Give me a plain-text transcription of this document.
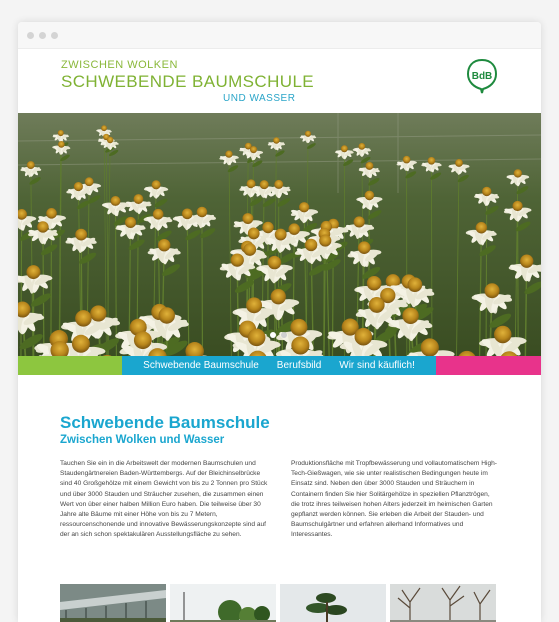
ZWISCHEN WOLKEN
SCHWEBENDE BAUMSCHULE
UND WASSER
BdB
Schwebende Baumschule	Berufsbild	Wir sind käuflich!
Schwebende Baumschule
Zwischen Wolken und Wasser
Tauchen Sie ein in die Arbeitswelt der modernen Baumschulen und Staudengärtnereien Baden-Württembergs. Auf der Bleichinselbrücke sind 40 Großgehölze mit einem Gewicht von bis zu 2 Tonnen pro Stück und über 3000 Stauden und Sträucher zusehen, die zusammen einen Wert von über einer halben Million Euro haben. Die teilweise über 30 Jahre alte Bäume mit einer Höhe von bis zu 7 Metern, ressourcenschonende und innovative Bewässerungskonzepte sind auf der an sich schon spektakulären Ausstellungsfläche zu sehen.
Produktionsfläche mit Tropfbewässerung und vollautomatischem High-Tech-Gießwagen, wie sie unter realistischen Bedingungen heute im Einsatz sind. Neben den über 3000 Stauden und Sträuchern in Containern finden Sie hier Solitärgehölze in speziellen Pflanztrögen, die trotz ihres teilweisen hohen Alters jederzeit im heimischen Garten gepflanzt werden können. Sie erleben die Arbeit der Stauden- und Baumschulgärtner und erfahren allerhand Informatives und Interessantes.
